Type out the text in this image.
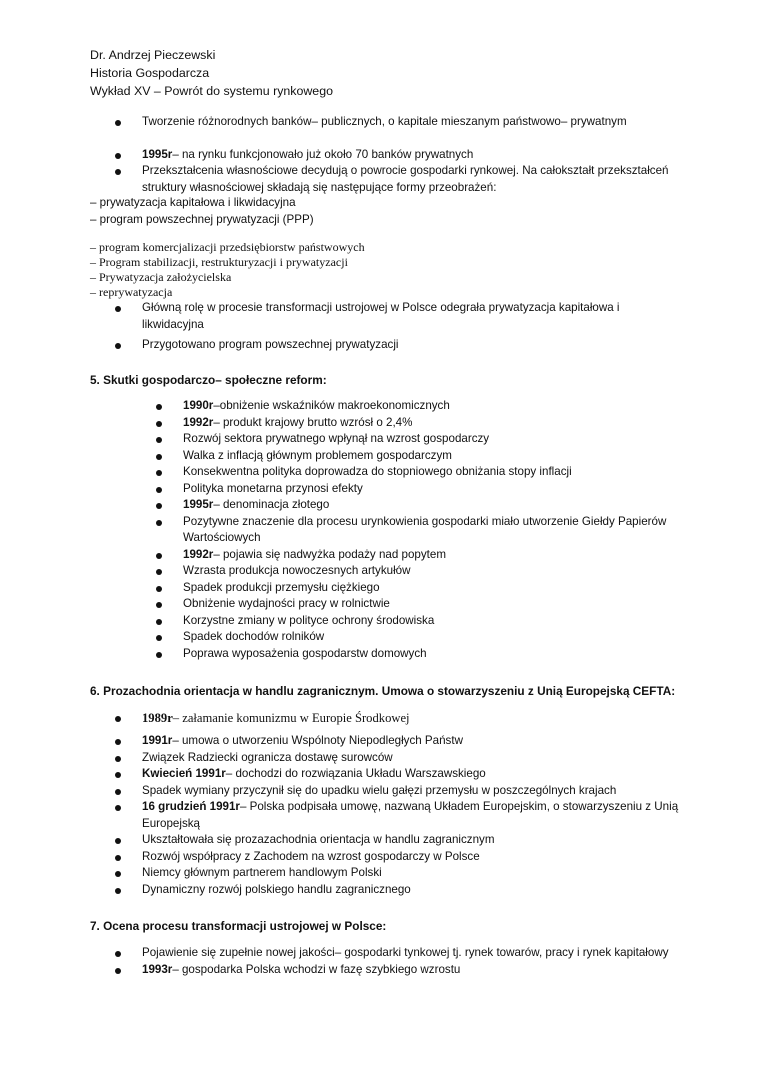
Dr. Andrzej Pieczewski
Historia Gospodarcza
Wykład XV – Powrót do systemu rynkowego
Tworzenie różnorodnych banków– publicznych, o kapitale mieszanym państwowo– prywatnym
1995r– na rynku funkcjonowało już około 70 banków prywatnych
Przekształcenia własnościowe decydują o powrocie gospodarki rynkowej. Na całokształt przekształceń struktury własnościowej składają się następujące formy przeobrażeń:
– prywatyzacja kapitałowa i likwidacyjna
– program powszechnej prywatyzacji (PPP)
– program komercjalizacji przedsiębiorstw państwowych
– Program stabilizacji, restrukturyzacji i prywatyzacji
– Prywatyzacja założycielska
– reprywatyzacja
Główną rolę w procesie transformacji ustrojowej w Polsce odegrała prywatyzacja kapitałowa i likwidacyjna
Przygotowano program powszechnej prywatyzacji
5. Skutki gospodarczo– społeczne reform:
1990r–obniżenie wskaźników makroekonomicznych
1992r– produkt krajowy brutto wzrósł o 2,4%
Rozwój sektora prywatnego wpłynął na wzrost gospodarczy
Walka z inflacją głównym problemem gospodarczym
Konsekwentna polityka doprowadza do stopniowego obniżania stopy inflacji
Polityka monetarna przynosi efekty
1995r– denominacja złotego
Pozytywne znaczenie dla procesu urynkowienia gospodarki miało utworzenie Giełdy Papierów Wartościowych
1992r– pojawia się nadwyżka podaży nad popytem
Wzrasta produkcja nowoczesnych artykułów
Spadek produkcji przemysłu ciężkiego
Obniżenie wydajności pracy w rolnictwie
Korzystne zmiany w polityce ochrony środowiska
Spadek dochodów rolników
Poprawa wyposażenia gospodarstw domowych
6. Prozachodnia orientacja w handlu zagranicznym. Umowa o stowarzyszeniu z Unią Europejską CEFTA:
1989r– załamanie komunizmu w Europie Środkowej
1991r– umowa o utworzeniu Wspólnoty Niepodległych Państw
Związek Radziecki ogranicza dostawę surowców
Kwiecień 1991r– dochodzi do rozwiązania Układu Warszawskiego
Spadek wymiany przyczynił się do upadku wielu gałęzi przemysłu w poszczególnych krajach
16 grudzień 1991r– Polska podpisała umowę, nazwaną Układem Europejskim, o stowarzyszeniu z Unią Europejską
Ukształtowała się prozazachodnia orientacja w handlu zagranicznym
Rozwój współpracy z Zachodem na wzrost gospodarczy w Polsce
Niemcy głównym partnerem handlowym Polski
Dynamiczny rozwój polskiego handlu zagranicznego
7. Ocena procesu transformacji ustrojowej w Polsce:
Pojawienie się zupełnie nowej jakości– gospodarki tynkowej tj. rynek towarów, pracy i rynek kapitałowy
1993r– gospodarka Polska wchodzi w fazę szybkiego wzrostu
